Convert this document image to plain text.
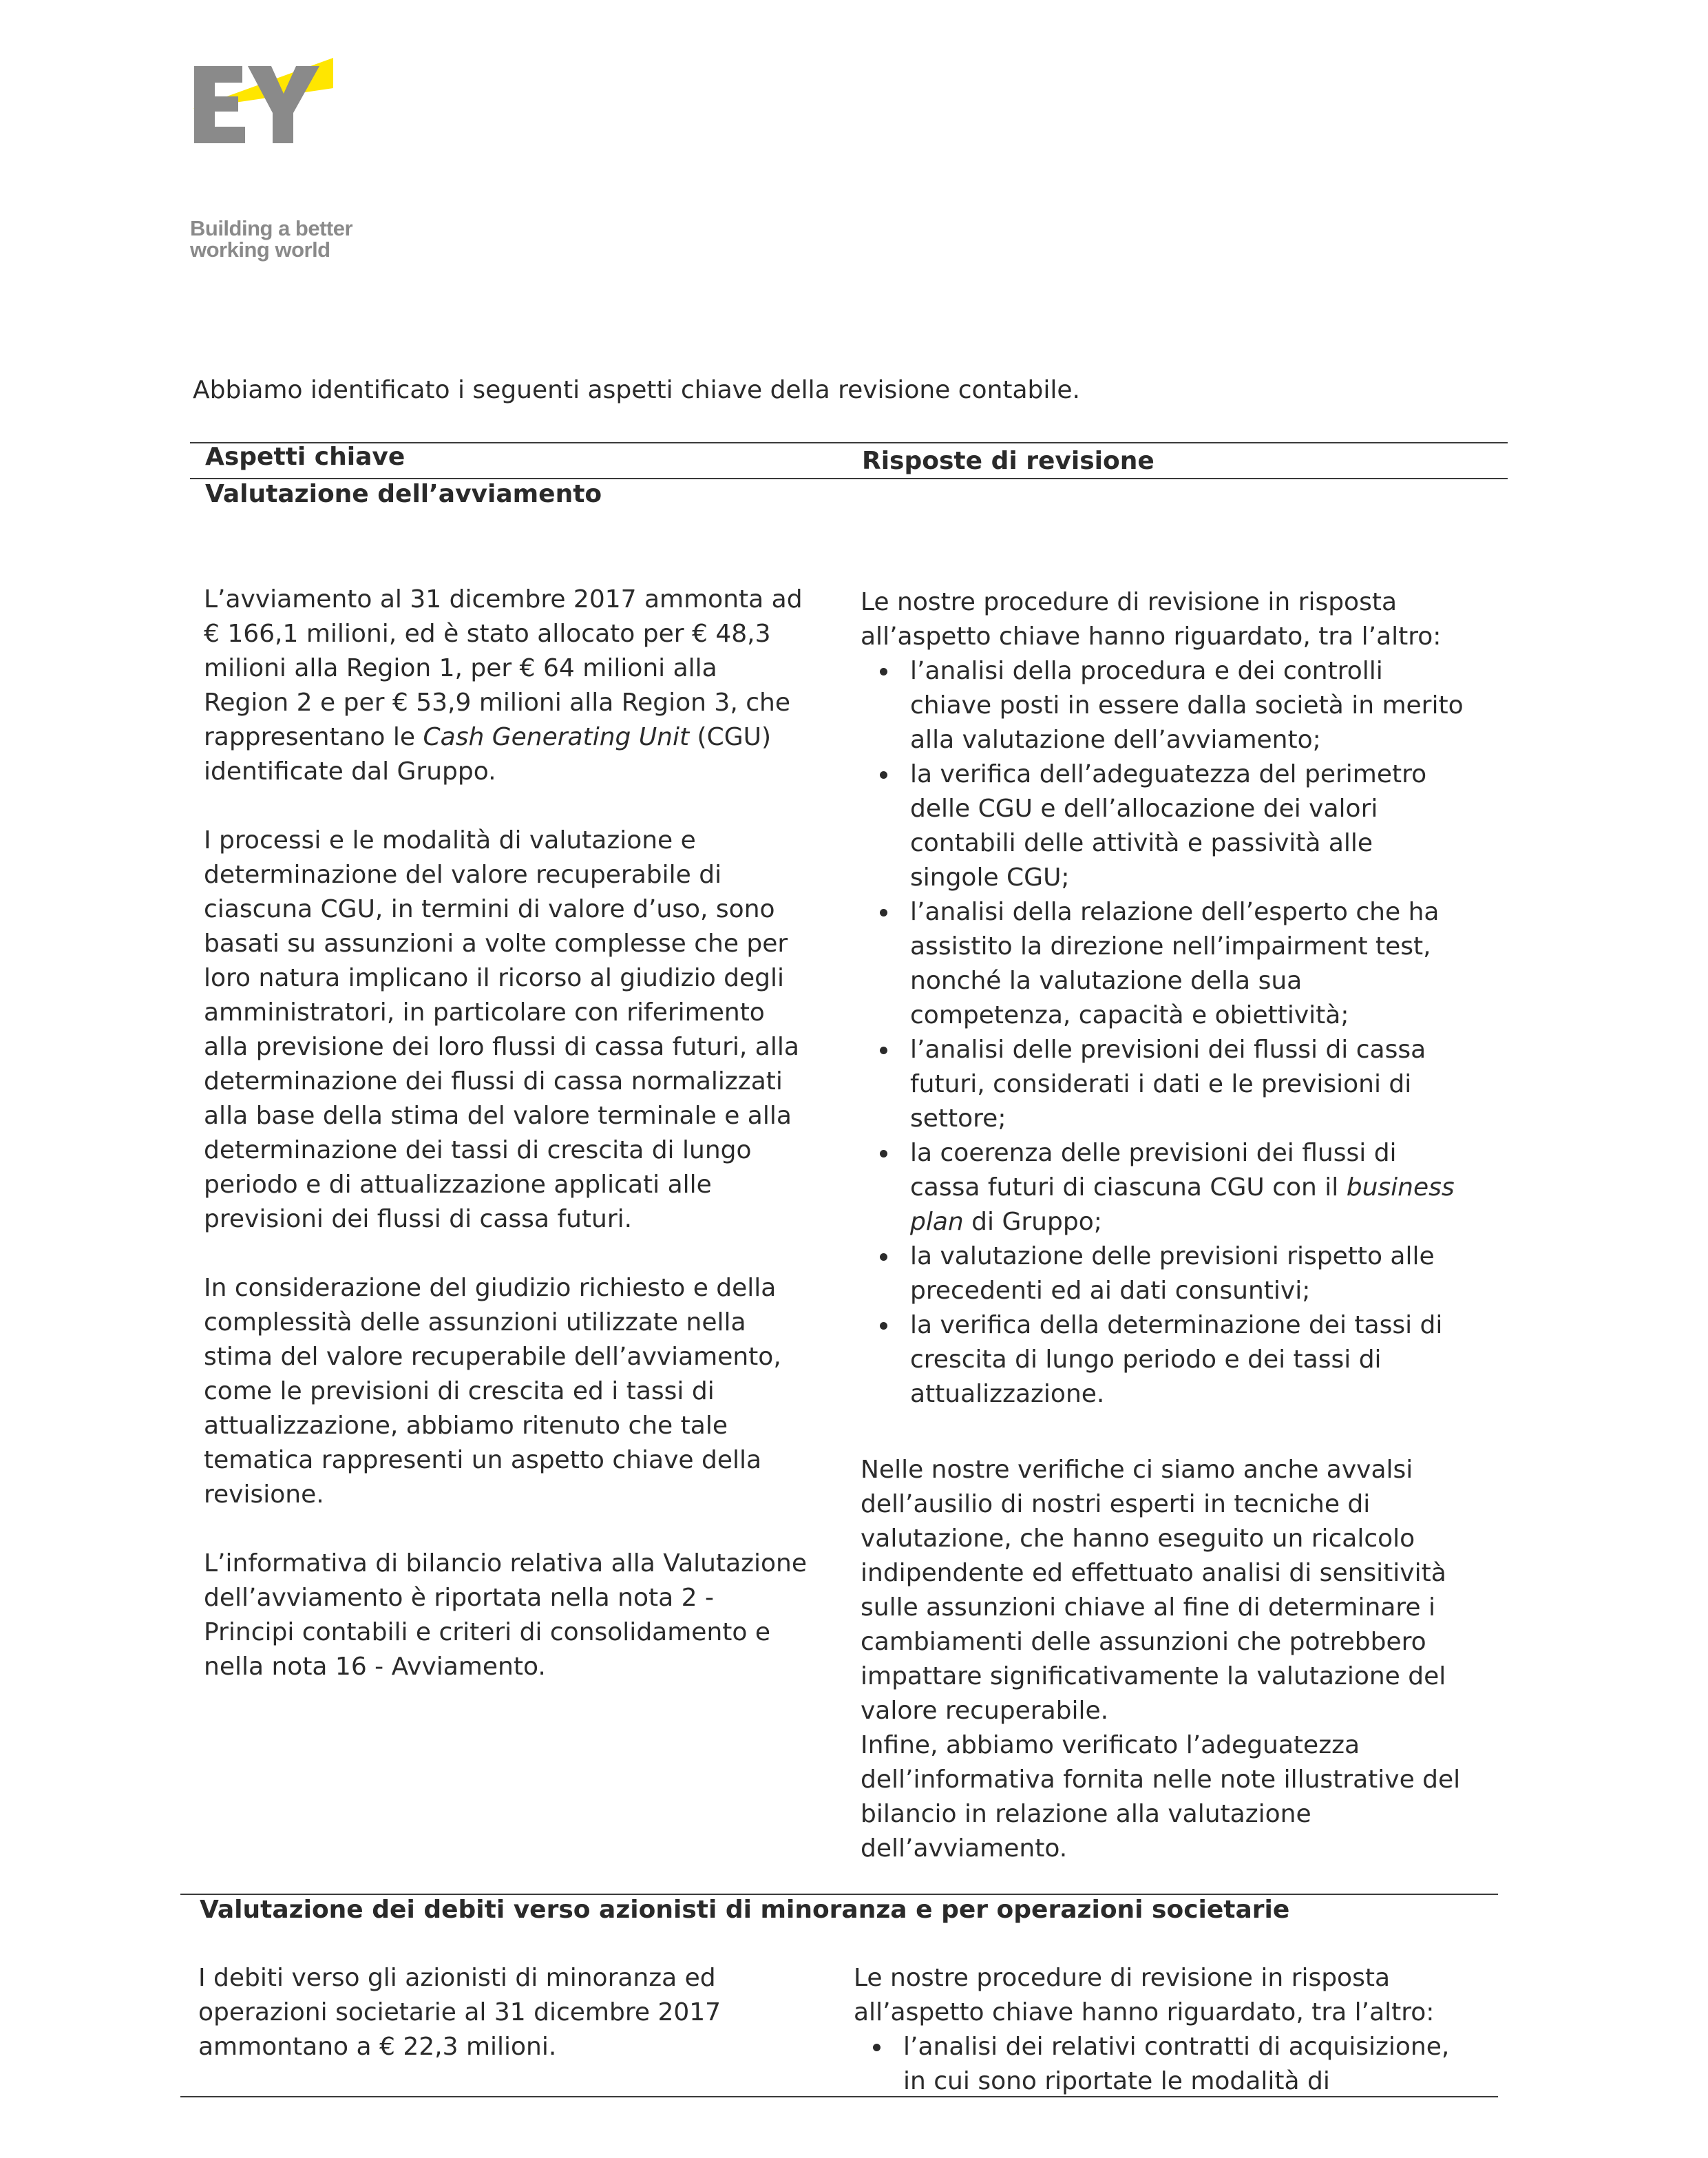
Building a better
working world
Abbiamo identificato i seguenti aspetti chiave della revisione contabile.
Aspetti chiave	Risposte di revisione
Valutazione dell’avviamento

L’avviamento al 31 dicembre 2017 ammonta ad
€ 166,1 milioni, ed è stato allocato per € 48,3
milioni alla Region 1, per € 64 milioni alla
Region 2 e per € 53,9 milioni alla Region 3, che
rappresentano le Cash Generating Unit (CGU)
identificate dal Gruppo.

I processi e le modalità di valutazione e
determinazione del valore recuperabile di
ciascuna CGU, in termini di valore d’uso, sono
basati su assunzioni a volte complesse che per
loro natura implicano il ricorso al giudizio degli
amministratori, in particolare con riferimento
alla previsione dei loro flussi di cassa futuri, alla
determinazione dei flussi di cassa normalizzati
alla base della stima del valore terminale e alla
determinazione dei tassi di crescita di lungo
periodo e di attualizzazione applicati alle
previsioni dei flussi di cassa futuri.

In considerazione del giudizio richiesto e della
complessità delle assunzioni utilizzate nella
stima del valore recuperabile dell’avviamento,
come le previsioni di crescita ed i tassi di
attualizzazione, abbiamo ritenuto che tale
tematica rappresenti un aspetto chiave della
revisione.

L’informativa di bilancio relativa alla Valutazione
dell’avviamento è riportata nella nota 2 -
Principi contabili e criteri di consolidamento e
nella nota 16 - Avviamento.

Le nostre procedure di revisione in risposta
all’aspetto chiave hanno riguardato, tra l’altro:

l’analisi della procedura e dei controlli
chiave posti in essere dalla società in merito
alla valutazione dell’avviamento;
la verifica dell’adeguatezza del perimetro
delle CGU e dell’allocazione dei valori
contabili delle attività e passività alle
singole CGU;
l’analisi della relazione dell’esperto che ha
assistito la direzione nell’impairment test,
nonché la valutazione della sua
competenza, capacità e obiettività;
l’analisi delle previsioni dei flussi di cassa
futuri, considerati i dati e le previsioni di
settore;
la coerenza delle previsioni dei flussi di
cassa futuri di ciascuna CGU con il business
plan di Gruppo;
la valutazione delle previsioni rispetto alle
precedenti ed ai dati consuntivi;
la verifica della determinazione dei tassi di
crescita di lungo periodo e dei tassi di
attualizzazione.

Nelle nostre verifiche ci siamo anche avvalsi
dell’ausilio di nostri esperti in tecniche di
valutazione, che hanno eseguito un ricalcolo
indipendente ed effettuato analisi di sensitività
sulle assunzioni chiave al fine di determinare i
cambiamenti delle assunzioni che potrebbero
impattare significativamente la valutazione del
valore recuperabile.

Infine, abbiamo verificato l’adeguatezza
dell’informativa fornita nelle note illustrative del
bilancio in relazione alla valutazione
dell’avviamento.

Valutazione dei debiti verso azionisti di minoranza e per operazioni societarie

I debiti verso gli azionisti di minoranza ed
operazioni societarie al 31 dicembre 2017
ammontano a € 22,3 milioni.

Le nostre procedure di revisione in risposta
all’aspetto chiave hanno riguardato, tra l’altro:

l’analisi dei relativi contratti di acquisizione,
in cui sono riportate le modalità di
